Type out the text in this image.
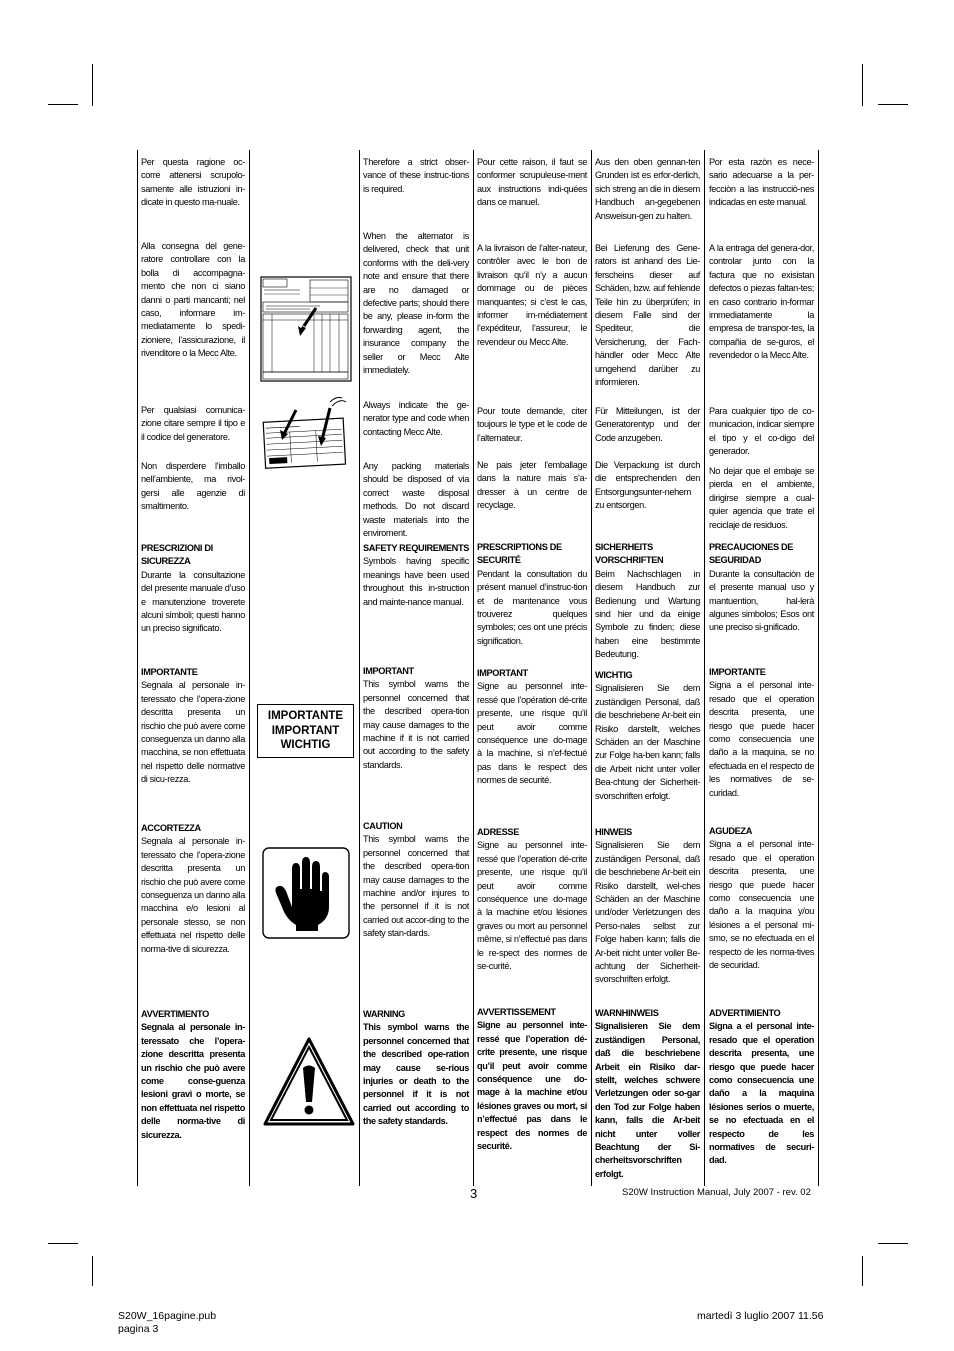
Per questa ragione oc-corre attenersi scrupolo-samente alle istruzioni in-dicate in questo ma-nuale.

Alla consegna del gene-ratore controllare con la bolla di accompagna-mento che non ci siano danni o parti mancanti; nel caso, informare im-mediatamente lo spedi-zioniere, l’assicurazione, il rivenditore o la Mecc Alte.

Per qualsiasi comunica-zione citare sempre il tipo e il codice del generatore.

Non disperdere l’imballo nell’ambiente, ma rivol-gersi alle agenzie di smaltimento.

PRESCRIZIONI DI SICUREZZA

Durante la consultazione del presente manuale d’uso e manutenzione troverete alcuni simboli; questi hanno un preciso significato.

IMPORTANTE

Segnala al personale in-teressato che l’opera-zione descritta presenta un rischio che può avere come conseguenza un danno alla macchina, se non effettuata nel rispetto delle normative di sicu-rezza.

ACCORTEZZA

Segnala al personale in-teressato che l’opera-zione descritta presenta un rischio che può avere come conseguenza un danno alla macchina e/o lesioni al personale stesso, se non effettuata nel rispetto delle norma-tive di sicurezza.

AVVERTIMENTO

Segnala al personale in-teressato che l’opera-zione descritta presenta un rischio che può avere come conse-guenza lesioni gravi o morte, se non effettuata nel rispetto delle norma-tive di sicurezza.

IMPORTANTE
IMPORTANT
WICHTIG

Therefore a strict obser-vance of these instruc-tions is required.

When the alternator is delivered, check that unit conforms with the deli-very note and ensure that there are no damaged or defective parts; should there be any, please in-form the forwarding agent, the insurance company the seller or Mecc Alte immediately.

Always indicate the ge-nerator type and code when contacting Mecc Alte.

Any packing materials should be disposed of via correct waste disposal methods. Do not discard waste materials into the enviroment.

SAFETY REQUIREMENTS

Symbols having specific meanings have been used throughout this in-struction and mainte-nance manual.

IMPORTANT

This symbol warns the personnel concerned that the described opera-tion may cause damages to the machine if it is not carried out according to the safety standards.

CAUTION

This symbol warns the personnel concerned that the described opera-tion may cause damages to the machine and/or injures to the personnel if it is not carried out accor-ding to the safety stan-dards.

WARNING

This symbol warns the personnel concerned that the described ope-ration may cause se-rious injuries or death to the personnel if it is not carried out according to the safety standards.

Pour cette raison, il faut se conformer scrupuleuse-ment aux instructions indi-quées dans ce manuel.

A la livraison de l’alter-nateur, contrôler avec le bon de livraison qu’il n’y a aucun dommage ou de pièces manquantes; si c’est le cas, informer im-médiatement l’expéditeur, l’assureur, le revendeur ou Mecc Alte.

Pour toute demande, citer toujours le type et le code de l’alternateur.

Ne pais jeter l’emballage dans la nature mais s’a-dresser à un centre de recyclage.

PRESCRIPTIONS DE SECURITÉ

Pendant la consultation du présent manuel d’instruc-tion et de mantenance vous trouverez quelques symboles; ces ont une précis signification.

IMPORTANT

Signe au personnel inte-ressé que l’opération dé-crite presente, une risque qu’il peut avoir comme conséquence une do-mage à la machine, si n’ef-fectué pas dans le respect des normes de securité.

ADRESSE

Signe au personnel inte-ressé que l’operation dé-crite presente, une risque qu’il peut avoir comme conséquence une do-mage à la machine et/ou lésiones graves ou mort au personnel même, si n’effectué pas dans le re-spect des normes de se-curité.

AVVERTISSEMENT

Signe au personnel inte-ressé que l’operation dé-crite presente, une risque qu’il peut avoir comme conséquence une do-mage à la machine et/ou lésiones graves ou mort, si n’effectué pas dans le respect des normes de securité.

Aus den oben gennan-ten Grunden ist es erfor-derlich, sich streng an die in diesem Handbuch an-gegebenen Answeisun-gen zu halten.

Bei Lieferung des Gene-rators ist anhand des Lie-ferscheins dieser auf Schäden, bzw. auf fehlende Teile hin zu überprüfen; in diesem Falle sind der Spediteur, die Versicherung, der Fach-händler oder Mecc Alte umgehend darüber zu informieren.

Für Mitteilungen, ist der Generatorentyp und der Code anzugeben.

Die Verpackung ist durch die entsprechenden den Entsorgungsunter-nehem zu entsorgen.

SICHERHEITS VORSCHRIFTEN

Beim Nachschlagen in diesem Handbuch zur Bedienung und Wartung sind hier und da einige Symbole zu finden; diese haben eine bestimmte Bedeutung.

WICHTIG

Signalisieren Sie dem zuständigen Personal, daß die beschriebene Ar-beit ein Risiko darstellt, welches Schäden an der Maschine zur Folge ha-ben kann; falls die Arbeit nicht unter voller Bea-chtung der Sicherheit-svorschriften erfolgt.

HINWEIS

Signalisieren Sie dem zuständigen Personal, daß die beschriebene Ar-beit ein Risiko darstellt, wel-ches Schäden an der Maschine und/oder Verletzungen des Perso-nales selbst zur Folge haben kann; falls die Ar-beit nicht unter voller Be-achtung der Sicherheit-svorschriften erfolgt.

WARNHINWEIS

Signalisieren Sie dem zuständigen Personal, daß die beschriebene Arbeit ein Risiko dar-stellt, welches schwere Verletzungen oder so-gar den Tod zur Folge haben kann, falls die Ar-beit nicht unter voller Beachtung der Si-cherheitsvorschriften erfolgt.

Por esta razòn es nece-sario adecuarse a la per-fecciòn a las instrucciò-nes indicadas en este manual.

A la entraga del genera-dor, controlar junto con la factura que no exisistan defectos o piezas faltan-tes; en caso contrario in-formar immediatamente la empresa de transpor-tes, la compañia de se-guros, el revendedor o la Mecc Alte.

Para cualquier tipo de co-municacion, indicar siempre el tipo y el co-digo del generador.

No dejar que el embaje se pierda en el ambiente, dirigirse siempre a cual-quier agencia que trate el reciclaje de residuos.

PRECAUCIONES DE SEGURIDAD

Durante la consultaciòn de el presente manual uso y mantuention, hal-lerà algunes simbolos; Esos ont une preciso si-gnificado.

IMPORTANTE

Signa a el personal inte-resado que el operation descrita presenta, une riesgo que puede hacer como consecuencia une daño a la maquina, se no efectuada en el respecto de les normatives de se-curidad.

AGUDEZA

Signa a el personal inte-resado que el operation descrita presenta, une riesgo que puede hacer como consecuencia une daño a la maquina y/ou lésiones a el personal mi-smo, se no efectuada en el respecto de les norma-tives de securidad.

ADVERTIMIENTO

Signa a el personal inte-resado que el operation descrita presenta, une riesgo que puede hacer como consecuencia une daño a la maquina lésiones serios o muerte, se no efectuada en el respecto de les normatives de securi-dad.

3	S20W Instruction Manual, July 2007 - rev. 02
S20W_16pagine.pub
pagina 3
martedì 3 luglio 2007 11.56
